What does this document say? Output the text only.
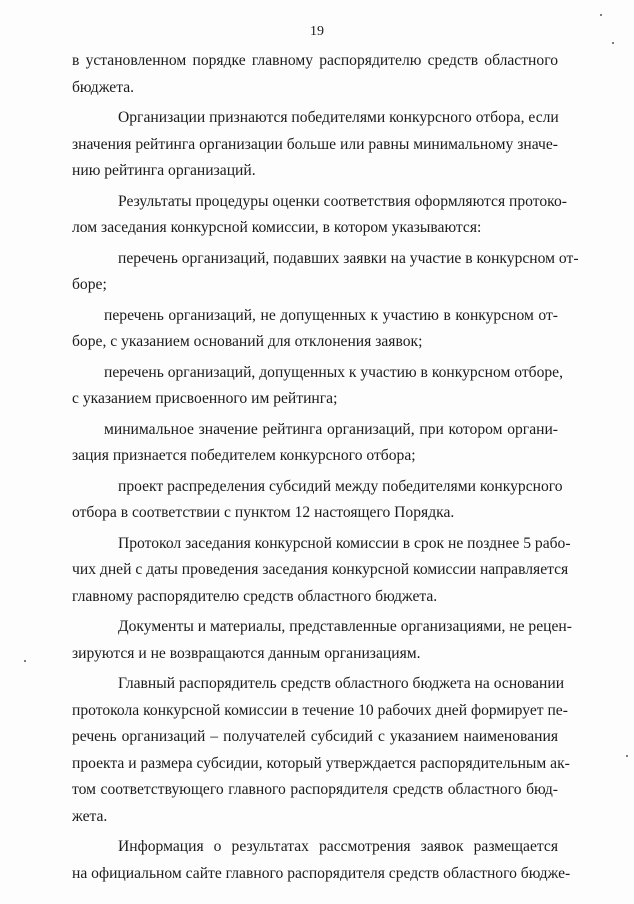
19
в установленном порядке главному распорядителю средств областного
бюджета.
Организации признаются победителями конкурсного отбора, если
значения рейтинга организации больше или равны минимальному значе-
нию рейтинга организаций.
Результаты процедуры оценки соответствия оформляются протоко-
лом заседания конкурсной комиссии, в котором указываются:
перечень организаций, подавших заявки на участие в конкурсном от-
боре;
перечень организаций, не допущенных к участию в конкурсном от-
боре, с указанием оснований для отклонения заявок;
перечень организаций, допущенных к участию в конкурсном отборе,
с указанием присвоенного им рейтинга;
минимальное значение рейтинга организаций, при котором органи-
зация признается победителем конкурсного отбора;
проект распределения субсидий между победителями конкурсного
отбора в соответствии с пунктом 12 настоящего Порядка.
Протокол заседания конкурсной комиссии в срок не позднее 5 рабо-
чих дней с даты проведения заседания конкурсной комиссии направляется
главному распорядителю средств областного бюджета.
Документы и материалы, представленные организациями, не рецен-
зируются и не возвращаются данным организациям.
Главный распорядитель средств областного бюджета на основании
протокола конкурсной комиссии в течение 10 рабочих дней формирует пе-
речень организаций – получателей субсидий с указанием наименования
проекта и размера субсидии, который утверждается распорядительным ак-
том соответствующего главного распорядителя средств областного бюд-
жета.
Информация о результатах рассмотрения заявок размещается
на официальном сайте главного распорядителя средств областного бюдже-
